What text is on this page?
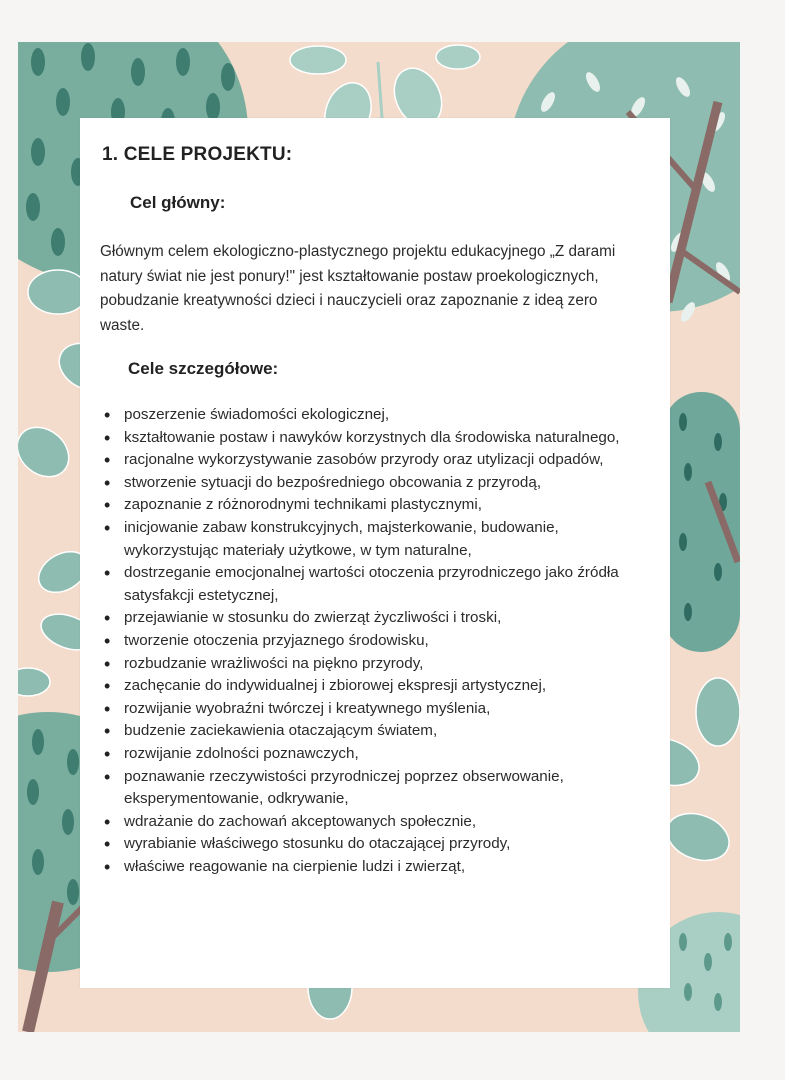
1. CELE PROJEKTU:
Cel główny:

Głównym celem ekologiczno-plastycznego projektu edukacyjnego „Z darami natury świat nie jest ponury!" jest kształtowanie postaw proekologicznych, pobudzanie kreatywności dzieci i nauczycieli oraz zapoznanie z ideą zero waste.

Cele szczegółowe:
• poszerzenie świadomości ekologicznej,
• kształtowanie postaw i nawyków korzystnych dla środowiska naturalnego,
• racjonalne wykorzystywanie zasobów przyrody oraz utylizacji odpadów,
• stworzenie sytuacji do bezpośredniego obcowania z przyrodą,
• zapoznanie z różnorodnymi technikami plastycznymi,
• inicjowanie zabaw konstrukcyjnych, majsterkowanie, budowanie, wykorzystując materiały użytkowe, w tym naturalne,
• dostrzeganie emocjonalnej wartości otoczenia przyrodniczego jako źródła satysfakcji estetycznej,
• przejawianie w stosunku do zwierząt życzliwości i troski,
• tworzenie otoczenia przyjaznego środowisku,
• rozbudzanie wrażliwości na piękno przyrody,
• zachęcanie do indywidualnej i zbiorowej ekspresji artystycznej,
• rozwijanie wyobraźni twórczej i kreatywnego myślenia,
• budzenie zaciekawienia otaczającym światem,
• rozwijanie zdolności poznawczych,
• poznawanie rzeczywistości przyrodniczej poprzez obserwowanie, eksperymentowanie, odkrywanie,
• wdrażanie do zachowań akceptowanych społecznie,
• wyrabianie właściwego stosunku do otaczającej przyrody,
• właściwe reagowanie na cierpienie ludzi i zwierząt,
